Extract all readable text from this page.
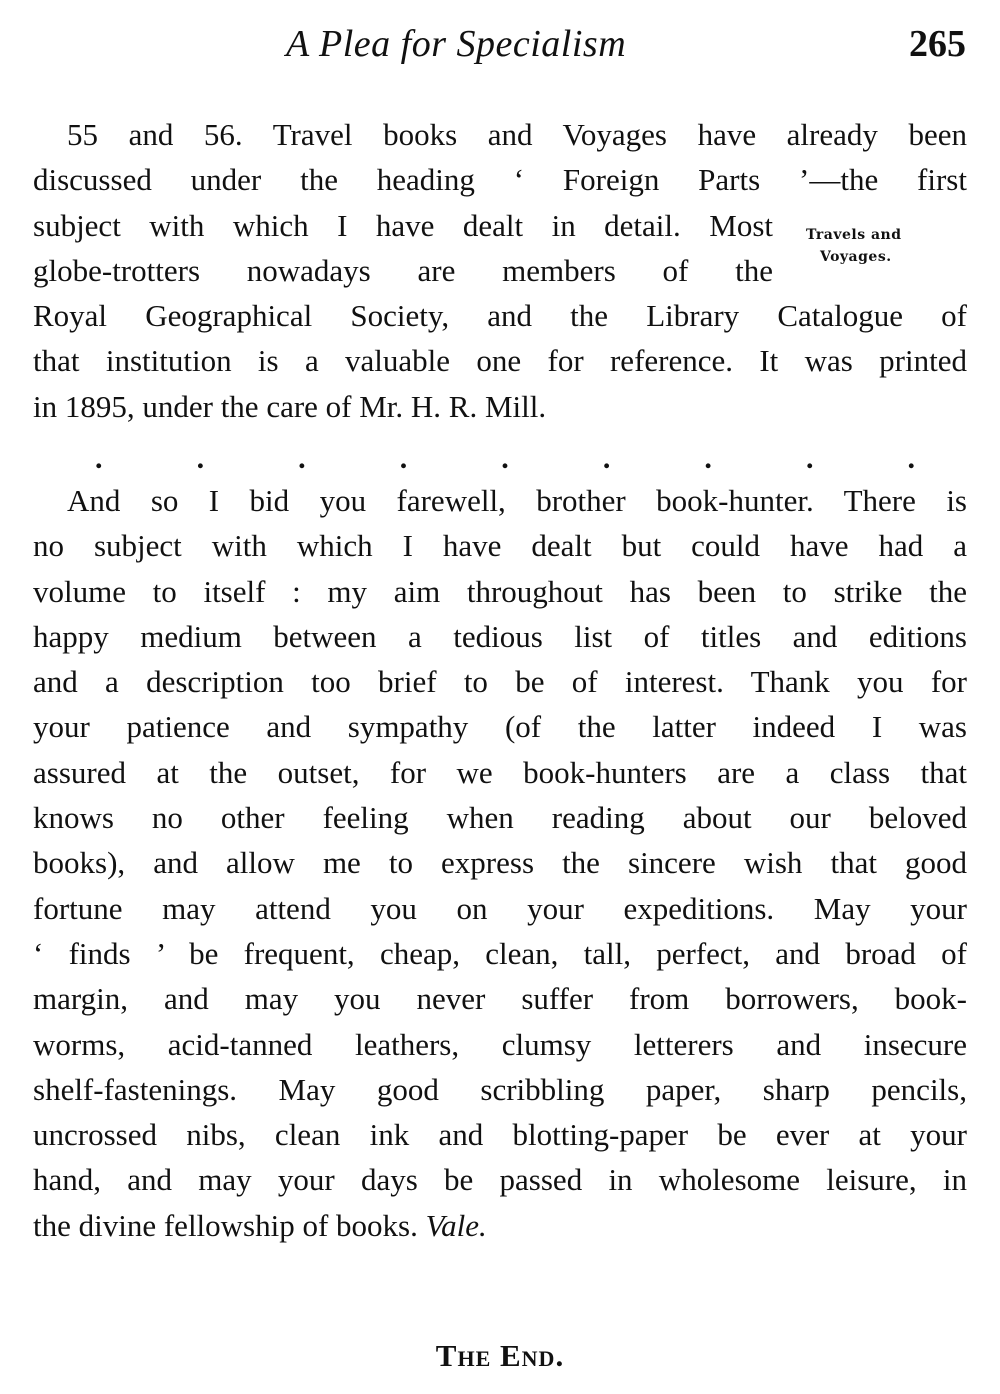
A Plea for Specialism	265
55 and 56. Travel books and Voyages have already been
discussed under the heading ‘ Foreign Parts ’—the first
subject with which I have dealt in detail. Most
globe-trotters nowadays are members of the
Royal Geographical Society, and the Library Catalogue of
that institution is a valuable one for reference. It was printed
in 1895, under the care of Mr. H. R. Mill.
Travels and
Voyages.
.	.	.	.	.	.	.	.	.
And so I bid you farewell, brother book-hunter. There is
no subject with which I have dealt but could have had a
volume to itself : my aim throughout has been to strike the
happy medium between a tedious list of titles and editions
and a description too brief to be of interest. Thank you for
your patience and sympathy (of the latter indeed I was
assured at the outset, for we book-hunters are a class that
knows no other feeling when reading about our beloved
books), and allow me to express the sincere wish that good
fortune may attend you on your expeditions. May your
‘ finds ’ be frequent, cheap, clean, tall, perfect, and broad of
margin, and may you never suffer from borrowers, book-
worms, acid-tanned leathers, clumsy letterers and insecure
shelf-fastenings. May good scribbling paper, sharp pencils,
uncrossed nibs, clean ink and blotting-paper be ever at your
hand, and may your days be passed in wholesome leisure, in
the divine fellowship of books. Vale.
The End.
